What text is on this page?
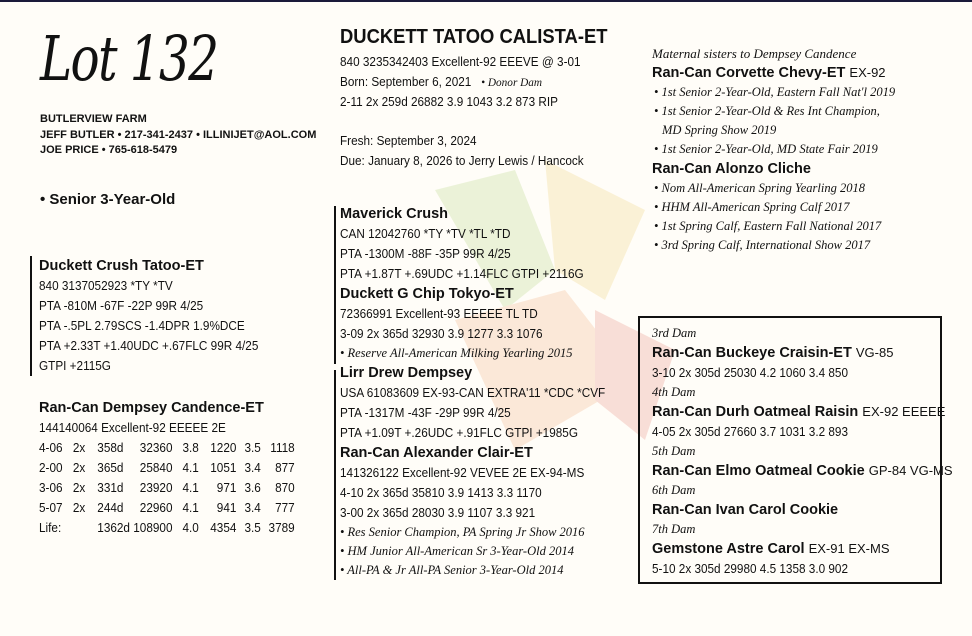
Lot 132
BUTLERVIEW FARM
JEFF BUTLER • 217-341-2437 • ILLINIJET@AOL.COM
JOE PRICE • 765-618-5479
• Senior 3-Year-Old
Duckett Crush Tatoo-ET
840 3137052923 *TY *TV
PTA -810M -67F -22P 99R 4/25
PTA -.5PL 2.79SCS -1.4DPR 1.9%DCE
PTA +2.33T +1.40UDC +.67FLC 99R 4/25
GTPI +2115G
Ran-Can Dempsey Candence-ET
144140064 Excellent-92 EEEEE 2E
4-06 2x 358d	32360 3.8 1220 3.5 1118
2-00 2x 365d	25840 4.1 1051 3.4	877
3-06 2x 331d	23920 4.1	971 3.6	870
5-07 2x 244d	22960 4.1	941 3.4	777
Life:	1362d 108900 4.0 4354 3.5 3789
DUCKETT TATOO CALISTA-ET
840 3235342403 Excellent-92 EEEVE @ 3-01
Born: September 6, 2021 • Donor Dam
2-11 2x 259d 26882 3.9 1043 3.2 873 RIP
Fresh: September 3, 2024
Due: January 8, 2026 to Jerry Lewis / Hancock
Maverick Crush
CAN 12042760 *TY *TV *TL *TD
PTA -1300M -88F -35P 99R 4/25
PTA +1.87T +.69UDC +1.14FLC GTPI +2116G
Duckett G Chip Tokyo-ET
72366991 Excellent-93 EEEEE TL TD
3-09 2x 365d 32930 3.9 1277 3.3 1076
• Reserve All-American Milking Yearling 2015
Lirr Drew Dempsey
USA 61083609 EX-93-CAN EXTRA'11 *CDC *CVF
PTA -1317M -43F -29P 99R 4/25
PTA +1.09T +.26UDC +.91FLC GTPI +1985G
Ran-Can Alexander Clair-ET
141326122 Excellent-92 VEVEE 2E EX-94-MS
4-10 2x 365d 35810 3.9 1413 3.3 1170
3-00 2x 365d 28030 3.9 1107 3.3 921
• Res Senior Champion, PA Spring Jr Show 2016
• HM Junior All-American Sr 3-Year-Old 2014
• All-PA & Jr All-PA Senior 3-Year-Old 2014
Maternal sisters to Dempsey Candence
Ran-Can Corvette Chevy-ET EX-92
• 1st Senior 2-Year-Old, Eastern Fall Nat'l 2019
• 1st Senior 2-Year-Old & Res Int Champion,
MD Spring Show 2019
• 1st Senior 2-Year-Old, MD State Fair 2019
Ran-Can Alonzo Cliche
• Nom All-American Spring Yearling 2018
• HHM All-American Spring Calf 2017
• 1st Spring Calf, Eastern Fall National 2017
• 3rd Spring Calf, International Show 2017
3rd Dam
Ran-Can Buckeye Craisin-ET VG-85
3-10 2x 305d 25030 4.2 1060 3.4 850
4th Dam
Ran-Can Durh Oatmeal Raisin EX-92 EEEEE
4-05 2x 305d 27660 3.7 1031 3.2 893
5th Dam
Ran-Can Elmo Oatmeal Cookie GP-84 VG-MS
6th Dam
Ran-Can Ivan Carol Cookie
7th Dam
Gemstone Astre Carol EX-91 EX-MS
5-10 2x 305d 29980 4.5 1358 3.0 902
